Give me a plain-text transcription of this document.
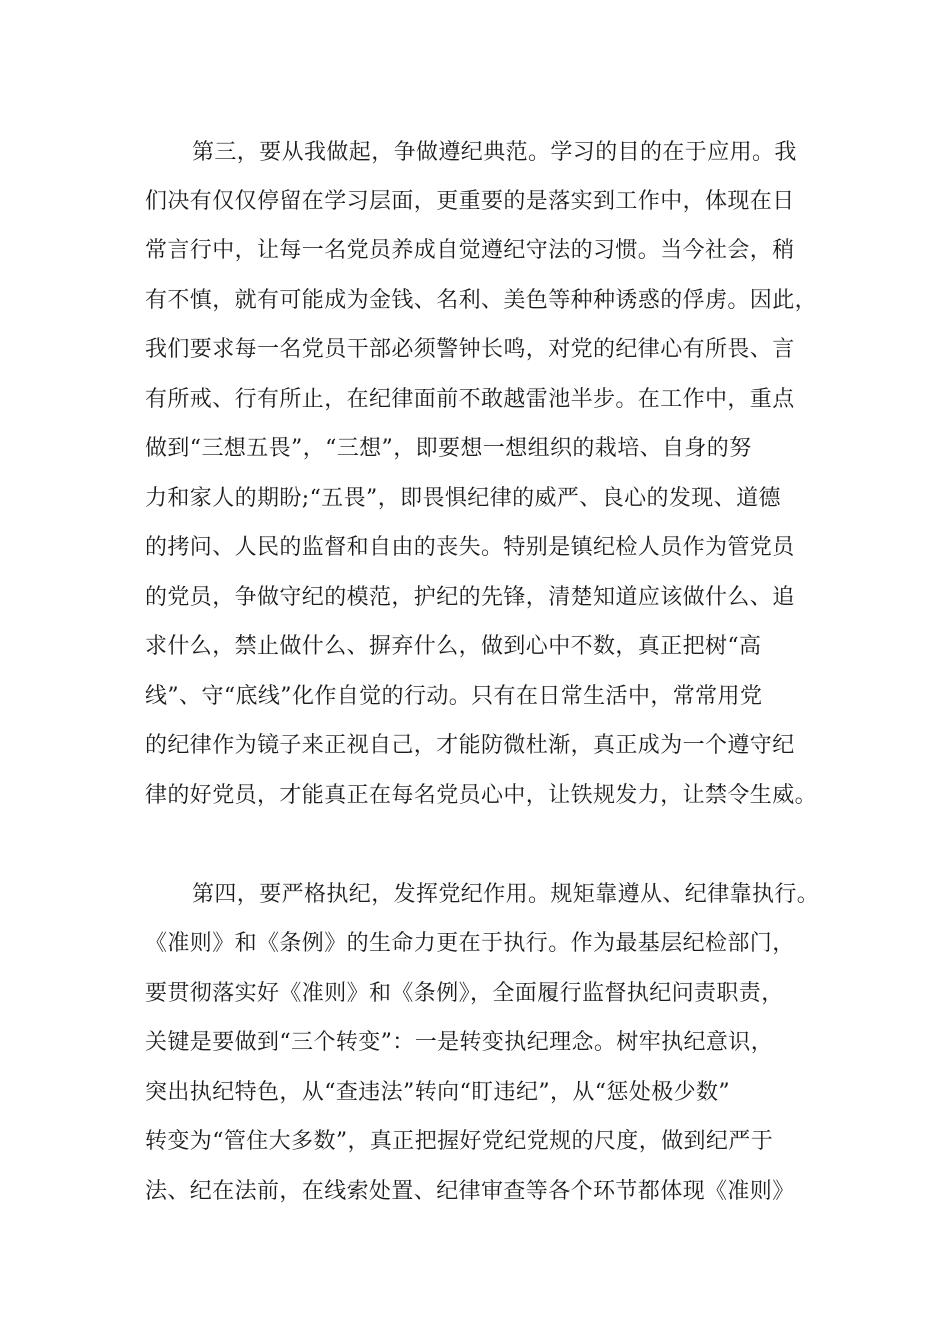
第三，要从我做起，争做遵纪典范。学习的目的在于应用。我
们决有仅仅停留在学习层面，更重要的是落实到工作中，体现在日
常言行中，让每一名党员养成自觉遵纪守法的习惯。当今社会，稍
有不慎，就有可能成为金钱、名利、美色等种种诱惑的俘虏。因此，
我们要求每一名党员干部必须警钟长鸣，对党的纪律心有所畏、言
有所戒、行有所止，在纪律面前不敢越雷池半步。在工作中，重点
做到“三想五畏”，“三想”，即要想一想组织的栽培、自身的努
力和家人的期盼;“五畏”，即畏惧纪律的威严、良心的发现、道德
的拷问、人民的监督和自由的丧失。特别是镇纪检人员作为管党员
的党员，争做守纪的模范，护纪的先锋，清楚知道应该做什么、追
求什么，禁止做什么、摒弃什么，做到心中不数，真正把树“高
线”、守“底线”化作自觉的行动。只有在日常生活中，常常用党
的纪律作为镜子来正视自己，才能防微杜渐，真正成为一个遵守纪
律的好党员，才能真正在每名党员心中，让铁规发力，让禁令生威。
第四，要严格执纪，发挥党纪作用。规矩靠遵从、纪律靠执行。
《准则》和《条例》的生命力更在于执行。作为最基层纪检部门，
要贯彻落实好《准则》和《条例》，全面履行监督执纪问责职责，
关键是要做到“三个转变”：一是转变执纪理念。树牢执纪意识，
突出执纪特色，从“查违法”转向“盯违纪”，从“惩处极少数”
转变为“管住大多数”，真正把握好党纪党规的尺度，做到纪严于
法、纪在法前，在线索处置、纪律审查等各个环节都体现《准则》
